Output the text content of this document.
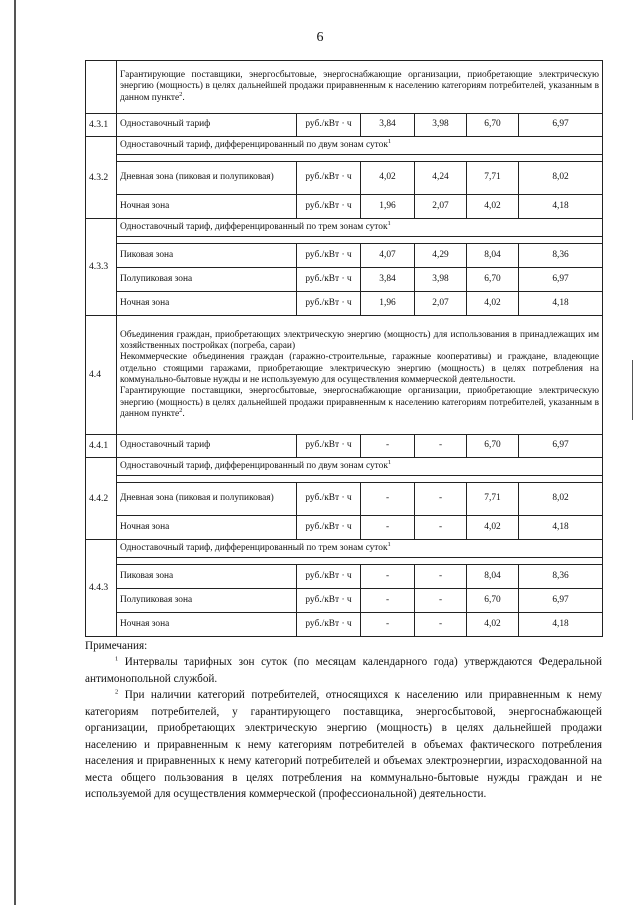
6
	Гарантирующие поставщики, энергосбытовые, энергоснабжающие организации, приобретающие электрическую энергию (мощность) в целях дальнейшей продажи приравненным к населению категориям потребителей, указанным в данном пункте$^2$.					
4.3.1	Одноставочный тариф	руб./кВт · ч	3,84	3,98	6,70	6,97
4.3.2	Одноставочный тариф, дифференцированный по двум зонам суток$^1$

	Дневная зона (пиковая и полупиковая)	руб./кВт · ч	4,02	4,24	7,71	8,02
	Ночная зона	руб./кВт · ч	1,96	2,07	4,02	4,18
4.3.3	Одноставочный тариф, дифференцированный по трем зонам суток$^1$

	Пиковая зона	руб./кВт · ч	4,07	4,29	8,04	8,36
	Полупиковая зона	руб./кВт · ч	3,84	3,98	6,70	6,97
	Ночная зона	руб./кВт · ч	1,96	2,07	4,02	4,18
4.4	Объединения граждан, приобретающих электрическую энергию (мощность) для использования в принадлежащих им хозяйственных постройках (погреба, сараи)
Некоммерческие объединения граждан (гаражно-строительные, гаражные кооперативы) и граждане, владеющие отдельно стоящими гаражами, приобретающие электрическую энергию (мощность) в целях потребления на коммунально-бытовые нужды и не используемую для осуществления коммерческой деятельности.
Гарантирующие поставщики, энергосбытовые, энергоснабжающие организации, приобретающие электрическую энергию (мощность) в целях дальнейшей продажи приравненным к населению категориям потребителей, указанным в данном пункте$^2$.					

4.4.1	Одноставочный тариф	руб./кВт · ч	-	-	6,70	6,97
4.4.2	Одноставочный тариф, дифференцированный по двум зонам суток$^1$

	Дневная зона (пиковая и полупиковая)	руб./кВт · ч	-	-	7,71	8,02
	Ночная зона	руб./кВт · ч	-	-	4,02	4,18
4.4.3	Одноставочный тариф, дифференцированный по трем зонам суток$^1$

	Пиковая зона	руб./кВт · ч	-	-	8,04	8,36
	Полупиковая зона	руб./кВт · ч	-	-	6,70	6,97
	Ночная зона	руб./кВт · ч	-	-	4,02	4,18

Примечания:

$^1$ Интервалы тарифных зон суток (по месяцам календарного года) утверждаются Федеральной антимонопольной службой.

$^2$ При наличии категорий потребителей, относящихся к населению или приравненным к нему категориям потребителей, у гарантирующего поставщика, энергосбытовой, энергоснабжающей организации, приобретающих электрическую энергию (мощность) в целях дальнейшей продажи населению и приравненным к нему категориям потребителей в объемах фактического потребления населения и приравненных к нему категорий потребителей и объемах электроэнергии, израсходованной на места общего пользования в целях потребления на коммунально-бытовые нужды граждан и не используемой для осуществления коммерческой (профессиональной) деятельности.
